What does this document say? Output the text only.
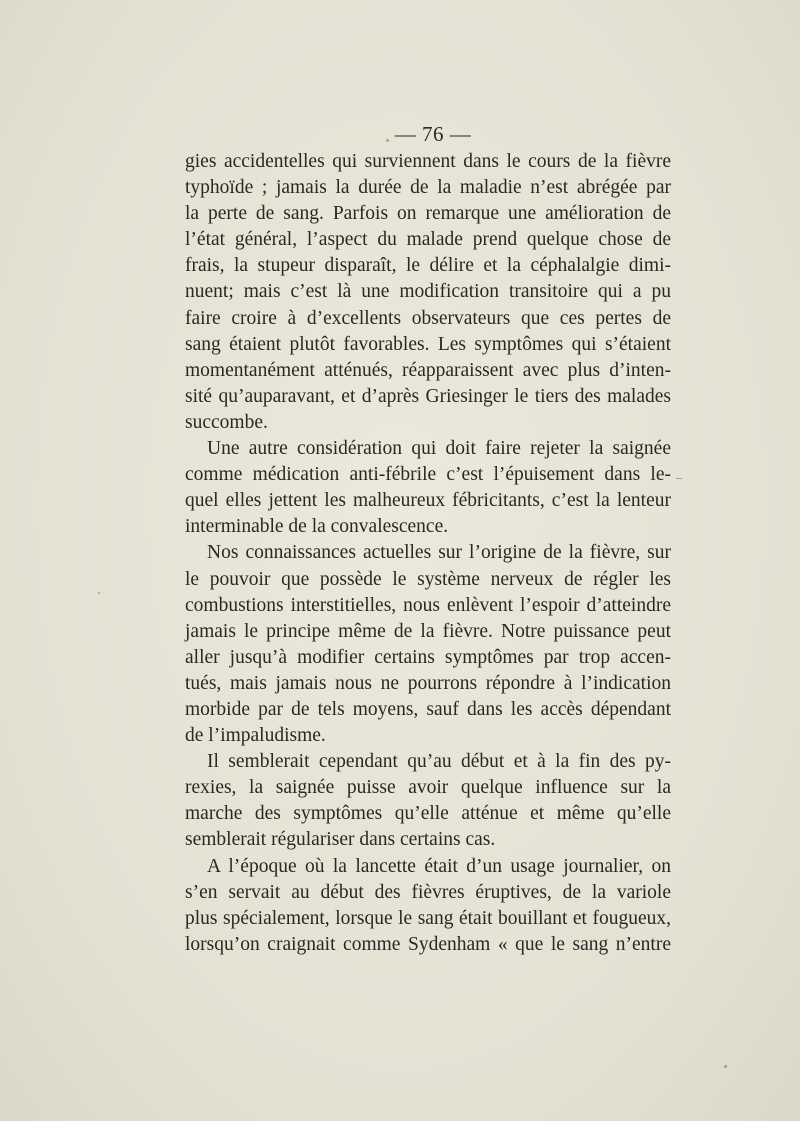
— 76 —
gies accidentelles qui surviennent dans le cours de la fièvre
typhoïde ; jamais la durée de la maladie n’est abrégée par
la perte de sang. Parfois on remarque une amélioration de
l’état général, l’aspect du malade prend quelque chose de
frais, la stupeur disparaît, le délire et la céphalalgie dimi-
nuent; mais c’est là une modification transitoire qui a pu
faire croire à d’excellents observateurs que ces pertes de
sang étaient plutôt favorables. Les symptômes qui s’étaient
momentanément atténués, réapparaissent avec plus d’inten-
sité qu’auparavant, et d’après Griesinger le tiers des malades
succombe.
Une autre considération qui doit faire rejeter la saignée
comme médication anti-fébrile c’est l’épuisement dans le-
quel elles jettent les malheureux fébricitants, c’est la lenteur
interminable de la convalescence.
Nos connaissances actuelles sur l’origine de la fièvre, sur
le pouvoir que possède le système nerveux de régler les
combustions interstitielles, nous enlèvent l’espoir d’atteindre
jamais le principe même de la fièvre. Notre puissance peut
aller jusqu’à modifier certains symptômes par trop accen-
tués, mais jamais nous ne pourrons répondre à l’indication
morbide par de tels moyens, sauf dans les accès dépendant
de l’impaludisme.
Il semblerait cependant qu’au début et à la fin des py-
rexies, la saignée puisse avoir quelque influence sur la
marche des symptômes qu’elle atténue et même qu’elle
semblerait régulariser dans certains cas.
A l’époque où la lancette était d’un usage journalier, on
s’en servait au début des fièvres éruptives, de la variole
plus spécialement, lorsque le sang était bouillant et fougueux,
lorsqu’on craignait comme Sydenham « que le sang n’entre
